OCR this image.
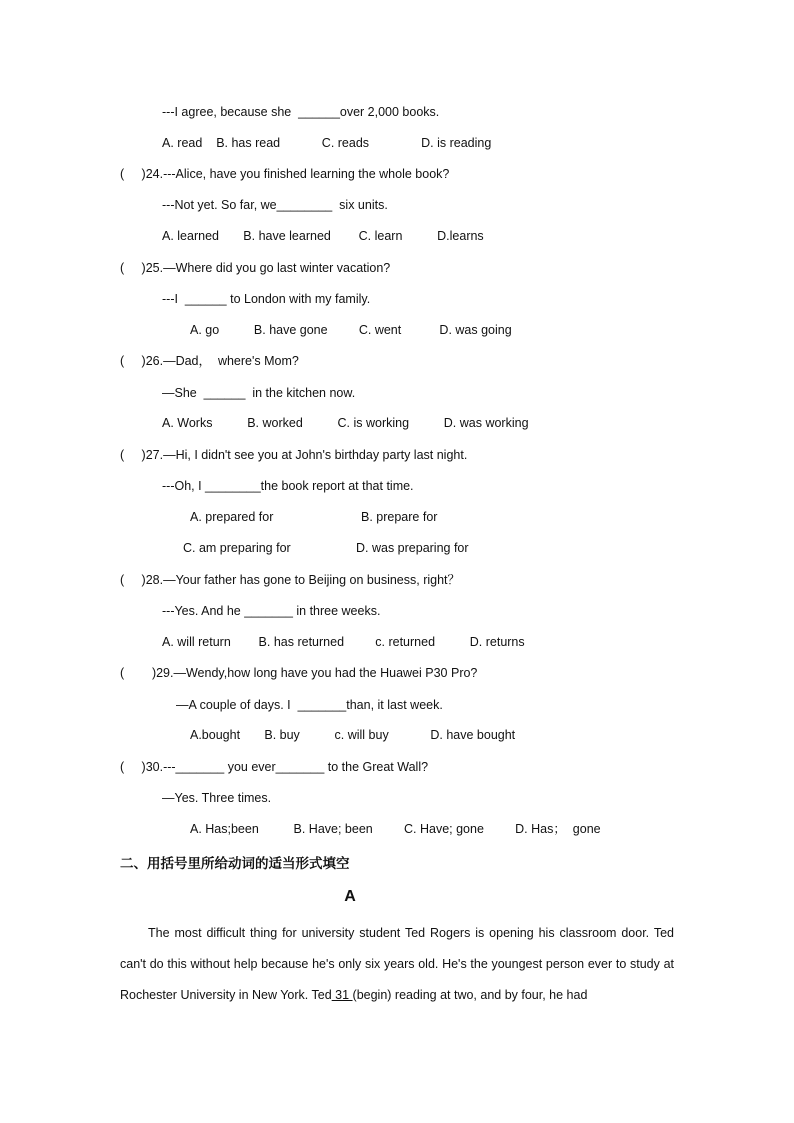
---I agree, because she  ______over 2,000 books.
A. read    B. has read            C. reads               D. is reading
(     )24.---Alice, have you finished learning the whole book?
---Not yet. So far, we________  six units.
A. learned       B. have learned        C. learn          D.learns
(     )25.—Where did you go last winter vacation?
---I  ______ to London with my family.
A. go          B. have gone         C. went           D. was going
(     )26.—Dad，  where's Mom?
—She  ______  in the kitchen now.
A. Works          B. worked          C. is working          D. was working
(     )27.—Hi, I didn't see you at John's birthday party last night.
---Oh, I ________the book report at that time.
A. prepared for	B. prepare for
C. am preparing for	D. was preparing for
(     )28.—Your father has gone to Beijing on business, right？
---Yes. And he _______ in three weeks.
A. will return        B. has returned         c. returned          D. returns
(        )29.—Wendy,how long have you had the Huawei P30 Pro?
—A couple of days. I  _______than, it last week.
A.bought       B. buy          c. will buy            D. have bought
(     )30.---_______ you ever_______ to the Great Wall?
—Yes. Three times.
A. Has;been          B. Have; been         C. Have; gone         D. Has；  gone
二、用括号里所给动词的适当形式填空
A
The most difficult thing for university student Ted Rogers is opening his classroom door. Ted can't do this without help because he's only six years old. He's the youngest person ever to study at Rochester University in New York. Ted 31 (begin) reading at two, and by four, he had
